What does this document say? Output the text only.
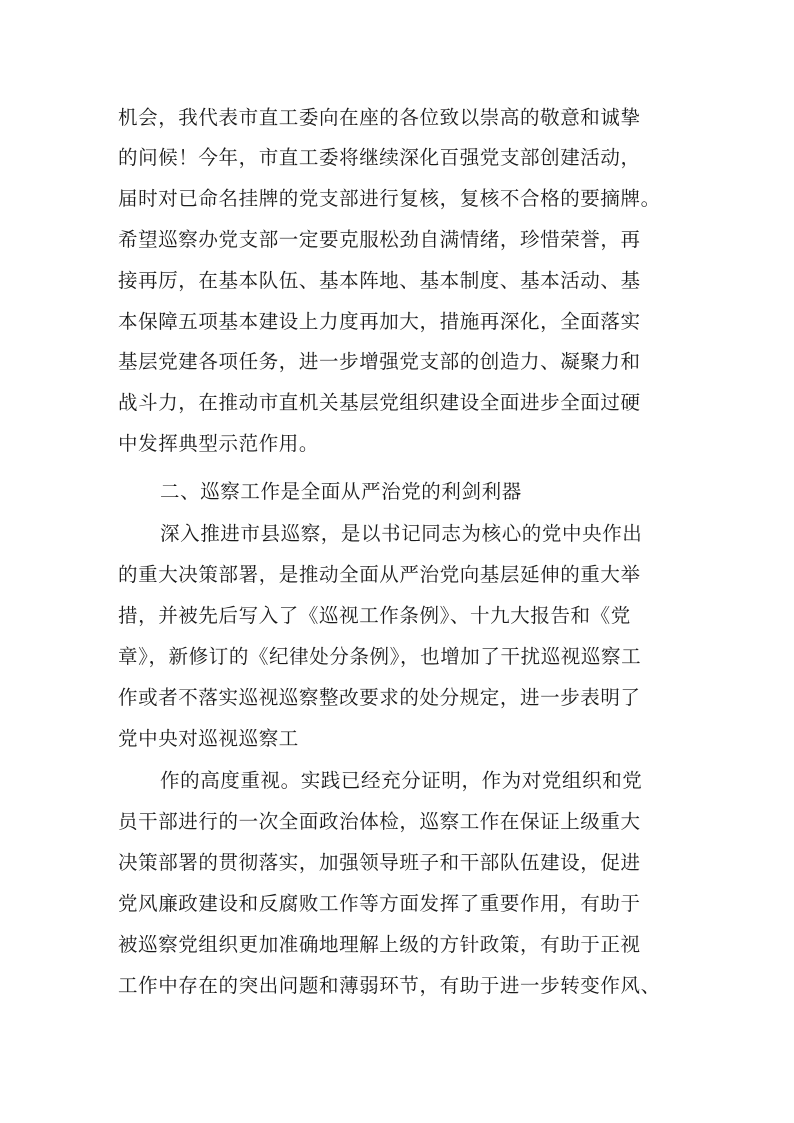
机会，我代表市直工委向在座的各位致以崇高的敬意和诚挚
的问候！今年，市直工委将继续深化百强党支部创建活动，
届时对已命名挂牌的党支部进行复核，复核不合格的要摘牌。
希望巡察办党支部一定要克服松劲自满情绪，珍惜荣誉，再
接再厉，在基本队伍、基本阵地、基本制度、基本活动、基
本保障五项基本建设上力度再加大，措施再深化，全面落实
基层党建各项任务，进一步增强党支部的创造力、凝聚力和
战斗力，在推动市直机关基层党组织建设全面进步全面过硬
中发挥典型示范作用。
二、巡察工作是全面从严治党的利剑利器
深入推进市县巡察，是以书记同志为核心的党中央作出
的重大决策部署，是推动全面从严治党向基层延伸的重大举
措，并被先后写入了《巡视工作条例》、十九大报告和《党
章》，新修订的《纪律处分条例》，也增加了干扰巡视巡察工
作或者不落实巡视巡察整改要求的处分规定，进一步表明了
党中央对巡视巡察工
作的高度重视。实践已经充分证明，作为对党组织和党
员干部进行的一次全面政治体检，巡察工作在保证上级重大
决策部署的贯彻落实，加强领导班子和干部队伍建设，促进
党风廉政建设和反腐败工作等方面发挥了重要作用，有助于
被巡察党组织更加准确地理解上级的方针政策，有助于正视
工作中存在的突出问题和薄弱环节，有助于进一步转变作风、
